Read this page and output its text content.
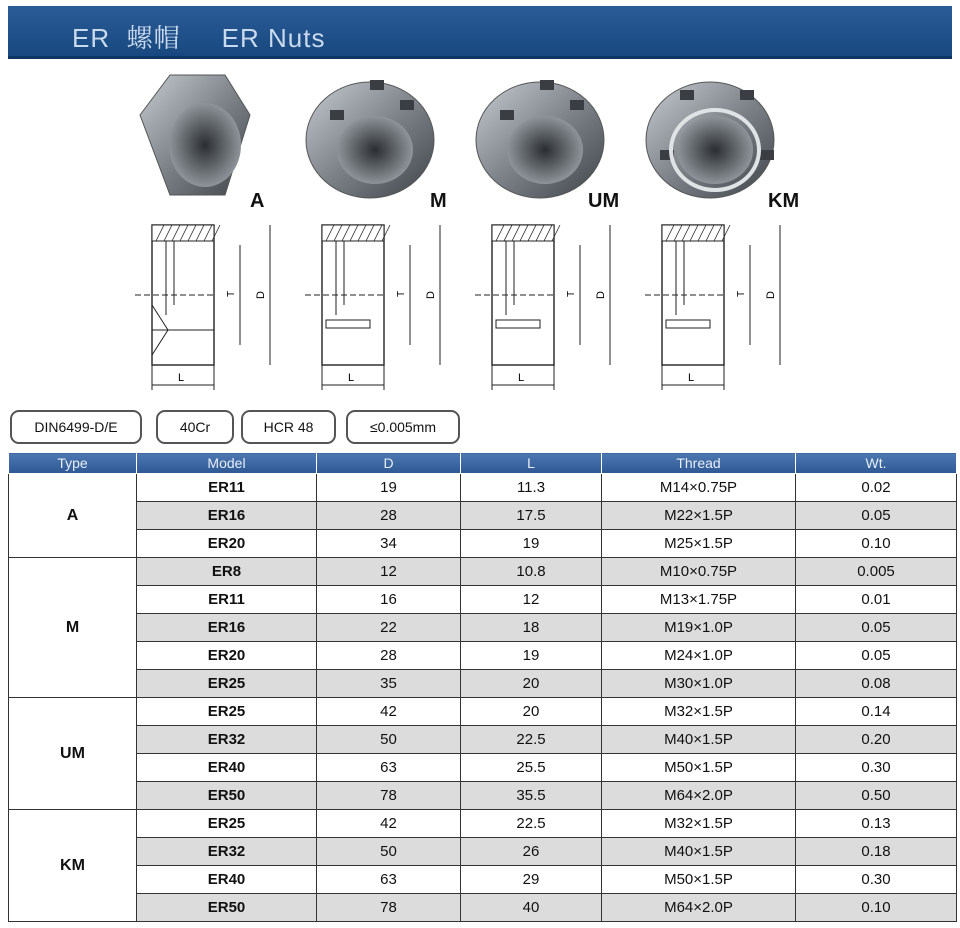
ER  螺帽     ER Nuts
T D
L
A
T D
L
M
T D
L
UM
T D
L
KM
DIN6499-D/E	40Cr	HCR 48	≤0.005mm
Type	Model	D	L	Thread	Wt.
A	ER11	19	11.3	M14×0.75P	0.02
	ER16	28	17.5	M22×1.5P	0.05
	ER20	34	19	M25×1.5P	0.10
M	ER8	12	10.8	M10×0.75P	0.005
	ER11	16	12	M13×1.75P	0.01
	ER16	22	18	M19×1.0P	0.05
	ER20	28	19	M24×1.0P	0.05
	ER25	35	20	M30×1.0P	0.08
UM	ER25	42	20	M32×1.5P	0.14
	ER32	50	22.5	M40×1.5P	0.20
	ER40	63	25.5	M50×1.5P	0.30
	ER50	78	35.5	M64×2.0P	0.50
KM	ER25	42	22.5	M32×1.5P	0.13
	ER32	50	26	M40×1.5P	0.18
	ER40	63	29	M50×1.5P	0.30
	ER50	78	40	M64×2.0P	0.10
